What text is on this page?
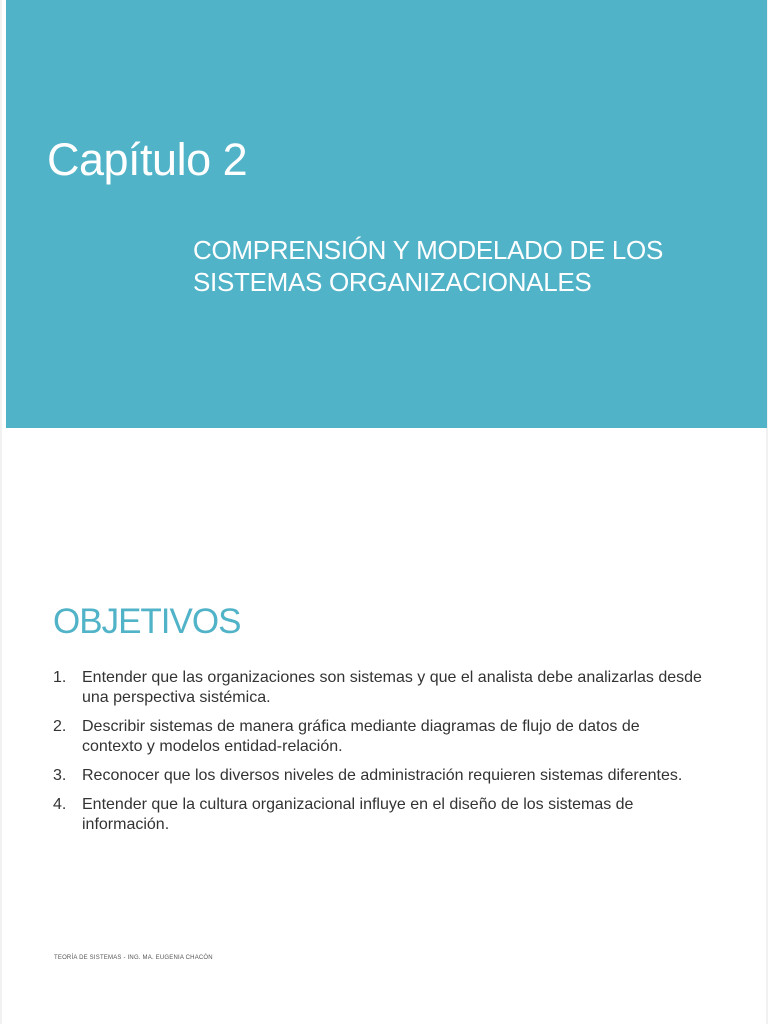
Capítulo 2
COMPRENSIÓN Y MODELADO DE LOS SISTEMAS ORGANIZACIONALES
OBJETIVOS
1. Entender que las organizaciones son sistemas y que el analista debe analizarlas desde una perspectiva sistémica.
2. Describir sistemas de manera gráfica mediante diagramas de flujo de datos de contexto y modelos entidad-relación.
3. Reconocer que los diversos niveles de administración requieren sistemas diferentes.
4. Entender que la cultura organizacional influye en el diseño de los sistemas de información.
TEORÍA DE SISTEMAS - ING. MA. EUGENIA CHACÓN
